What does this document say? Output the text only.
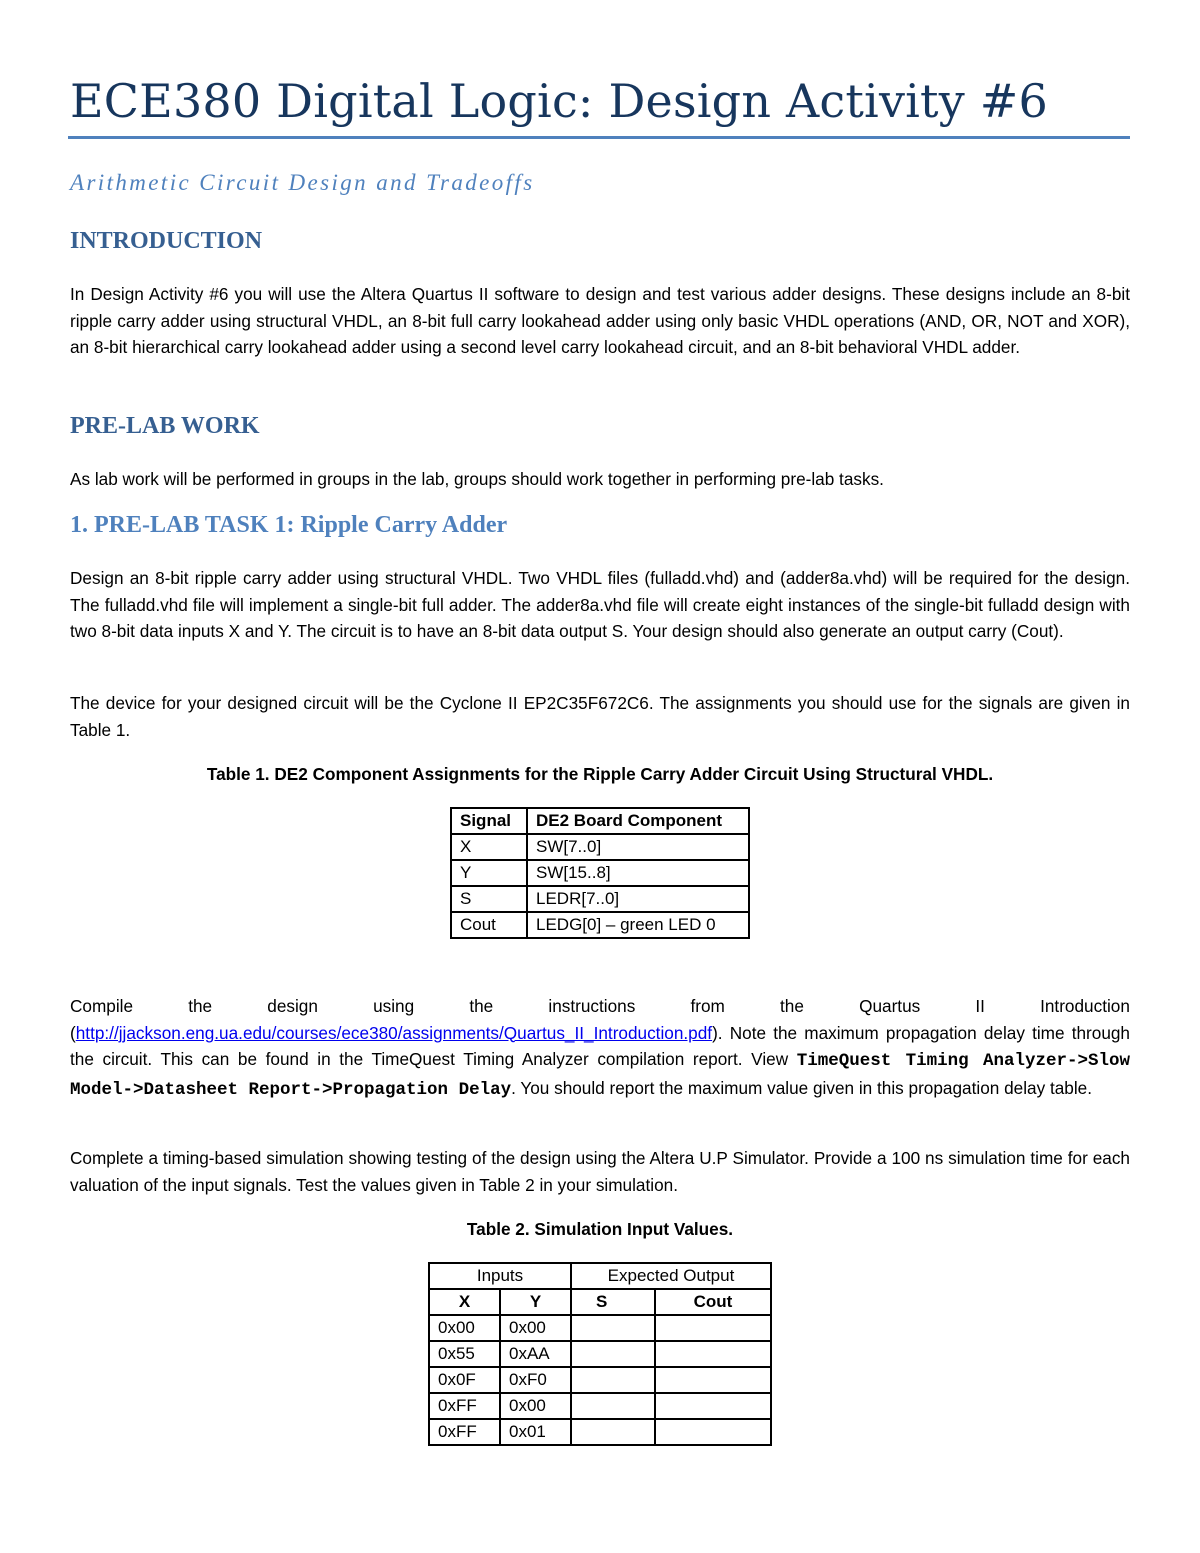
ECE380 Digital Logic: Design Activity #6
Arithmetic Circuit Design and Tradeoffs
INTRODUCTION
In Design Activity #6 you will use the Altera Quartus II software to design and test various adder designs. These designs include an 8-bit ripple carry adder using structural VHDL, an 8-bit full carry lookahead adder using only basic VHDL operations (AND, OR, NOT and XOR), an 8-bit hierarchical carry lookahead adder using a second level carry lookahead circuit, and an 8-bit behavioral VHDL adder.
PRE-LAB WORK
As lab work will be performed in groups in the lab, groups should work together in performing pre-lab tasks.
1. PRE-LAB TASK 1: Ripple Carry Adder
Design an 8-bit ripple carry adder using structural VHDL. Two VHDL files (fulladd.vhd) and (adder8a.vhd) will be required for the design. The fulladd.vhd file will implement a single-bit full adder. The adder8a.vhd file will create eight instances of the single-bit fulladd design with two 8-bit data inputs X and Y. The circuit is to have an 8-bit data output S. Your design should also generate an output carry (Cout).
The device for your designed circuit will be the Cyclone II EP2C35F672C6. The assignments you should use for the signals are given in Table 1.
Table 1. DE2 Component Assignments for the Ripple Carry Adder Circuit Using Structural VHDL.
Signal	DE2 Board Component
X	SW[7..0]
Y	SW[15..8]
S	LEDR[7..0]
Cout	LEDG[0] – green LED 0
Compile	the	design	using	the	instructions	from	the	Quartus	II	Introduction
(http://jjackson.eng.ua.edu/courses/ece380/assignments/Quartus_II_Introduction.pdf). Note the maximum propagation delay time through the circuit. This can be found in the TimeQuest Timing Analyzer compilation report. View TimeQuest Timing Analyzer->Slow Model->Datasheet Report->Propagation Delay. You should report the maximum value given in this propagation delay table.
Complete a timing-based simulation showing testing of the design using the Altera U.P Simulator. Provide a 100 ns simulation time for each valuation of the input signals. Test the values given in Table 2 in your simulation.
Table 2. Simulation Input Values.
Inputs		Expected Output	
X	Y	S	Cout
0x00	0x00		
0x55	0xAA		
0x0F	0xF0		
0xFF	0x00		
0xFF	0x01		
